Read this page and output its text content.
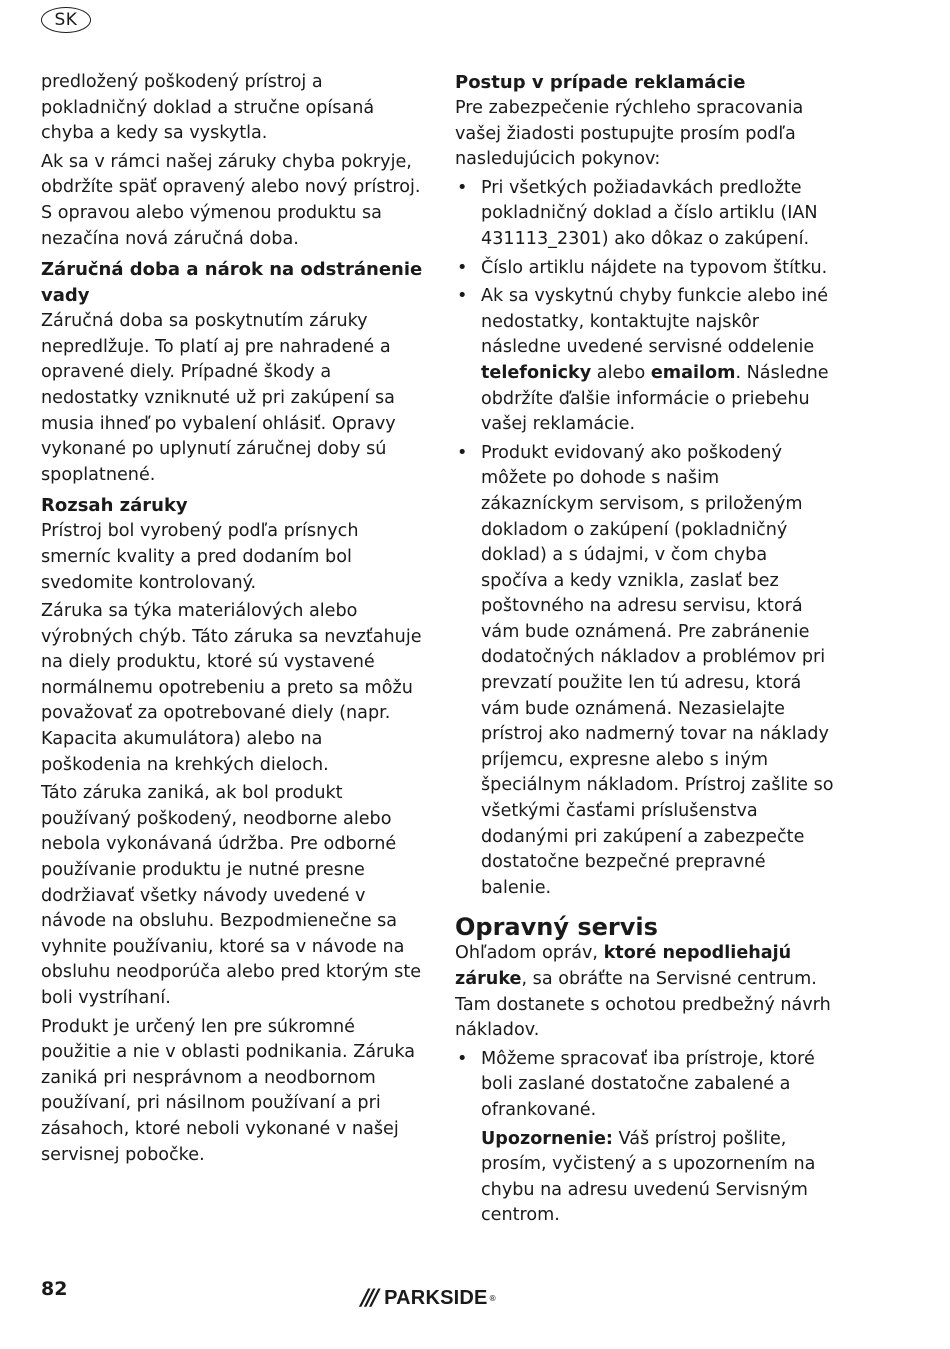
SK

predložený poškodený prístroj a pokladničný doklad a stručne opísaná chyba a kedy sa vyskytla.

Ak sa v rámci našej záruky chyba pokryje, obdržíte späť opravený alebo nový prístroj. S opravou alebo výmenou produktu sa nezačína nová záručná doba.

Záručná doba a nárok na odstránenie vady

Záručná doba sa poskytnutím záruky nepredlžuje. To platí aj pre nahradené a opravené diely. Prípadné škody a nedostatky vzniknuté už pri zakúpení sa musia ihneď po vybalení ohlásiť. Opravy vykonané po uplynutí záručnej doby sú spoplatnené.

Rozsah záruky

Prístroj bol vyrobený podľa prísnych smerníc kvality a pred dodaním bol svedomite kontrolovaný.

Záruka sa týka materiálových alebo výrobných chýb. Táto záruka sa nevzťahuje na diely produktu, ktoré sú vystavené normálnemu opotrebeniu a preto sa môžu považovať za opotrebované diely (napr. Kapacita akumulátora) alebo na poškodenia na krehkých dieloch.

Táto záruka zaniká, ak bol produkt používaný poškodený, neodborne alebo nebola vykonávaná údržba. Pre odborné používanie produktu je nutné presne dodržiavať všetky návody uvedené v návode na obsluhu. Bezpodmienečne sa vyhnite používaniu, ktoré sa v návode na obsluhu neodporúča alebo pred ktorým ste boli vystríhaní.

Produkt je určený len pre súkromné použitie a nie v oblasti podnikania. Záruka zaniká pri nesprávnom a neodbornom používaní, pri násilnom používaní a pri zásahoch, ktoré neboli vykonané v našej servisnej pobočke.

Postup v prípade reklamácie

Pre zabezpečenie rýchleho spracovania vašej žiadosti postupujte prosím podľa nasledujúcich pokynov:

• Pri všetkých požiadavkách predložte pokladničný doklad a číslo artiklu (IAN 431113_2301) ako dôkaz o zakúpení.
• Číslo artiklu nájdete na typovom štítku.
• Ak sa vyskytnú chyby funkcie alebo iné nedostatky, kontaktujte najskôr následne uvedené servisné oddelenie telefonicky alebo emailom. Následne obdržíte ďalšie informácie o priebehu vašej reklamácie.
• Produkt evidovaný ako poškodený môžete po dohode s našim zákazníckym servisom, s priloženým dokladom o zakúpení (pokladničný doklad) a s údajmi, v čom chyba spočíva a kedy vznikla, zaslať bez poštovného na adresu servisu, ktorá vám bude oznámená. Pre zabránenie dodatočných nákladov a problémov pri prevzatí použite len tú adresu, ktorá vám bude oznámená. Nezasielajte prístroj ako nadmerný tovar na náklady príjemcu, expresne alebo s iným špeciálnym nákladom. Prístroj zašlite so všetkými časťami príslušenstva dodanými pri zakúpení a zabezpečte dostatočne bezpečné prepravné balenie.
Opravný servis

Ohľadom opráv, ktoré nepodliehajú záruke, sa obráťte na Servisné centrum. Tam dostanete s ochotou predbežný návrh nákladov.

• Môžeme spracovať iba prístroje, ktoré boli zaslané dostatočne zabalené a ofrankované.

Upozornenie: Váš prístroj pošlite, prosím, vyčistený a s upozornením na chybu na adresu uvedenú Servisným centrom.

82	/// PARKSIDE ®
